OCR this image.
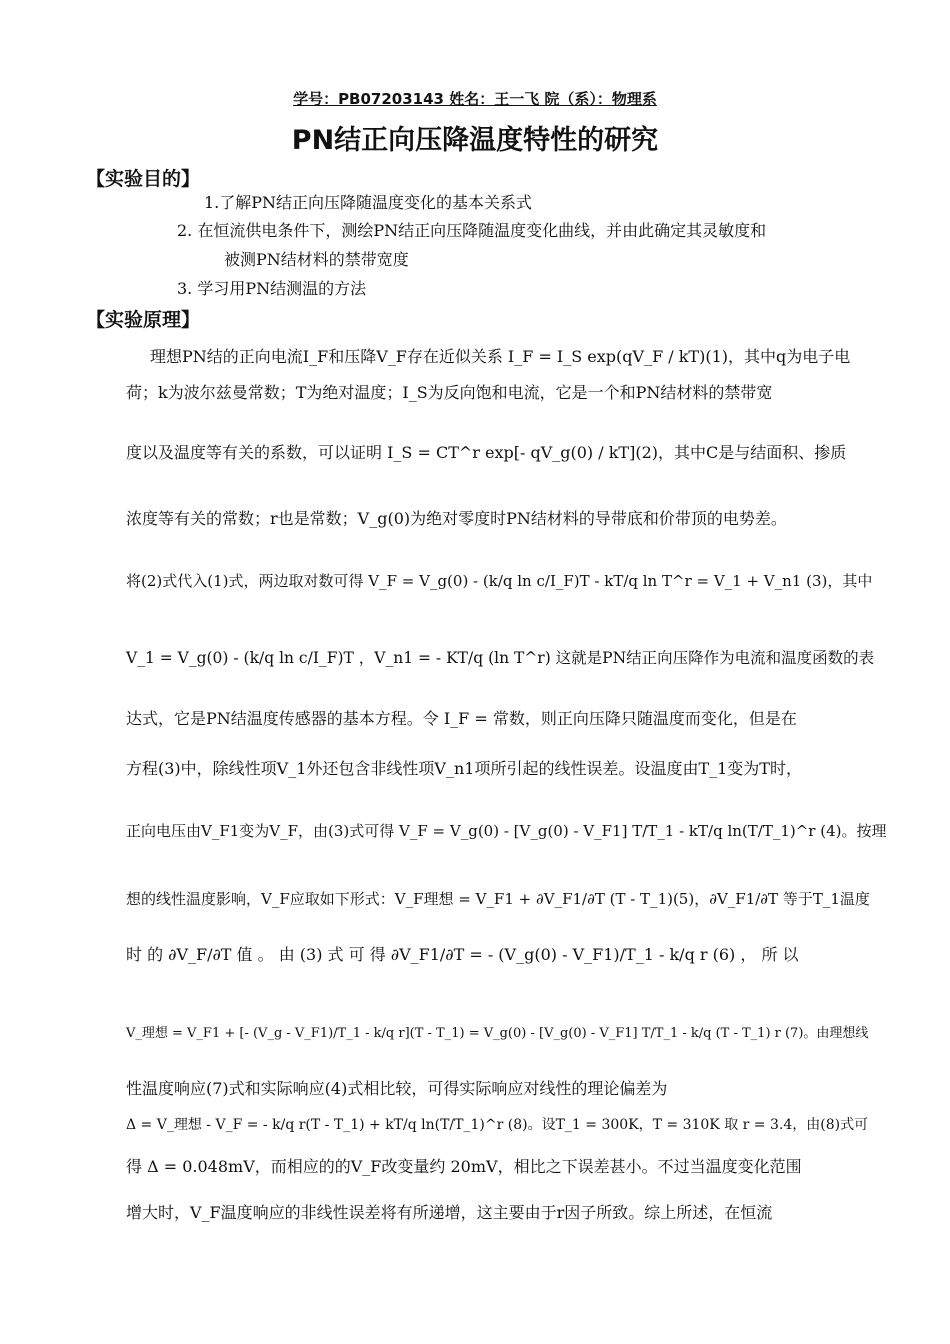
学号：PB07203143 姓名：王一飞 院（系）：物理系
PN结正向压降温度特性的研究
【实验目的】
1.了解PN结正向压降随温度变化的基本关系式
2. 在恒流供电条件下，测绘PN结正向压降随温度变化曲线，并由此确定其灵敏度和
被测PN结材料的禁带宽度
3. 学习用PN结测温的方法
【实验原理】
理想PN结的正向电流I_F和压降V_F存在近似关系 I_F = I_S exp(qV_F / kT)(1)，其中q为电子电
荷；k为波尔兹曼常数；T为绝对温度；I_S为反向饱和电流，它是一个和PN结材料的禁带宽
度以及温度等有关的系数，可以证明 I_S = CT^r exp[- qV_g(0) / kT](2)，其中C是与结面积、掺质
浓度等有关的常数；r也是常数；V_g(0)为绝对零度时PN结材料的导带底和价带顶的电势差。
将(2)式代入(1)式，两边取对数可得 V_F = V_g(0) - (k/q ln c/I_F)T - kT/q ln T^r = V_1 + V_n1 (3)，其中
V_1 = V_g(0) - (k/q ln c/I_F)T ，V_n1 = - KT/q (ln T^r) 这就是PN结正向压降作为电流和温度函数的表
达式，它是PN结温度传感器的基本方程。令 I_F = 常数，则正向压降只随温度而变化，但是在
方程(3)中，除线性项V_1外还包含非线性项V_n1项所引起的线性误差。设温度由T_1变为T时，
正向电压由V_F1变为V_F，由(3)式可得 V_F = V_g(0) - [V_g(0) - V_F1] T/T_1 - kT/q ln(T/T_1)^r (4)。按理
想的线性温度影响，V_F应取如下形式：V_F理想 = V_F1 + ∂V_F1/∂T (T - T_1)(5)，∂V_F1/∂T 等于T_1温度
时 的 ∂V_F/∂T 值 。 由 (3) 式 可 得 ∂V_F1/∂T = - (V_g(0) - V_F1)/T_1 - k/q r (6) ， 所 以
V_理想 = V_F1 + [- (V_g - V_F1)/T_1 - k/q r](T - T_1) = V_g(0) - [V_g(0) - V_F1] T/T_1 - k/q (T - T_1) r (7)。由理想线
性温度响应(7)式和实际响应(4)式相比较，可得实际响应对线性的理论偏差为
Δ = V_理想 - V_F = - k/q r(T - T_1) + kT/q ln(T/T_1)^r (8)。设T_1 = 300K，T = 310K 取 r = 3.4，由(8)式可
得 Δ = 0.048mV，而相应的的V_F改变量约 20mV，相比之下误差甚小。不过当温度变化范围
增大时，V_F温度响应的非线性误差将有所递增，这主要由于r因子所致。综上所述，在恒流
